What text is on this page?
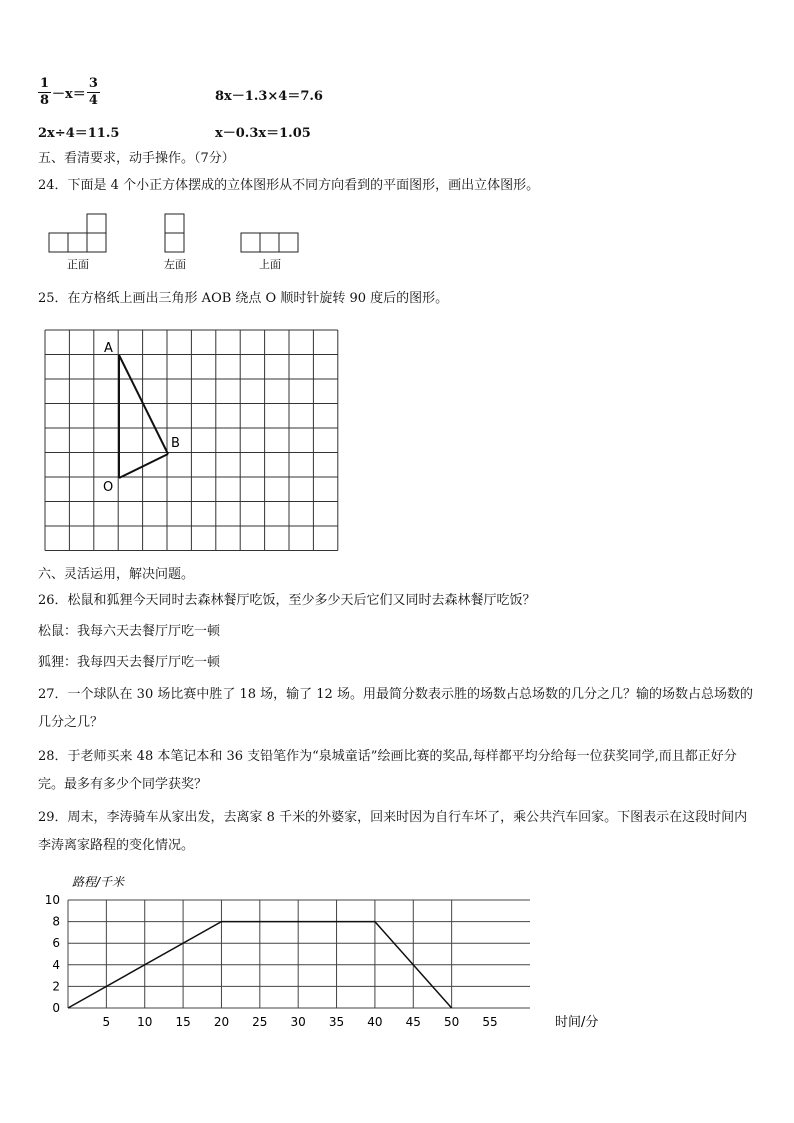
$\frac{1}{8} -x= \frac{3}{4}$	8x－1.3×4＝7.6
2x÷4＝11.5	x－0.3x＝1.05
五、看清要求，动手操作。（7分）
24．下面是 4 个小正方体摆成的立体图形从不同方向看到的平面图形，画出立体图形。
正面	左面	上面
25．在方格纸上画出三角形 AOB 绕点 O 顺时针旋转 90 度后的图形。
A
B
O
六、灵活运用，解决问题。
26．松鼠和狐狸今天同时去森林餐厅吃饭，至少多少天后它们又同时去森林餐厅吃饭？
松鼠：我每六天去餐厅厅吃一顿
狐狸：我每四天去餐厅厅吃一顿
27．一个球队在 30 场比赛中胜了 18 场，输了 12 场。用最简分数表示胜的场数占总场数的几分之几？输的场数占总场数的几分之几？
28．于老师买来 48 本笔记本和 36 支铅笔作为“泉城童话”绘画比赛的奖品,每样都平均分给每一位获奖同学,而且都正好分完。最多有多少个同学获奖？
29．周末，李涛骑车从家出发，去离家 8 千米的外婆家，回来时因为自行车坏了，乘公共汽车回家。下图表示在这段时间内李涛离家路程的变化情况。
0
2
4
6
8
10
5 10 15 20 25 30 35 40 45 50 55
路程/千米
时间/分
